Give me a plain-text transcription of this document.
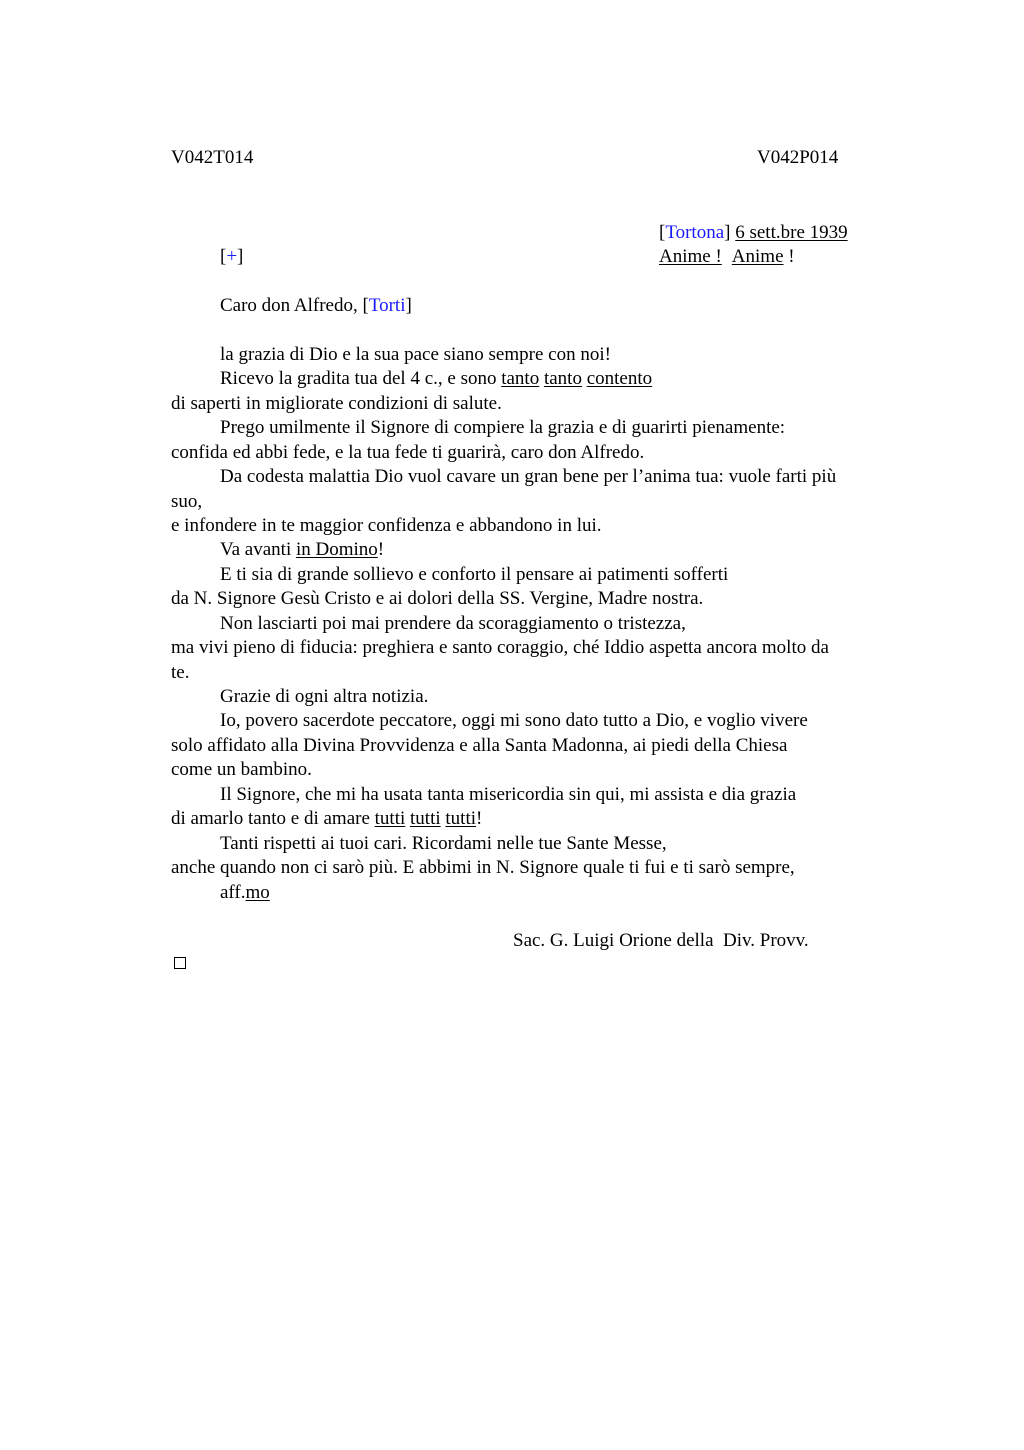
V042T014	V042P014
[Tortona] 6 sett.bre 1939
Anime ! Anime !
[+]
Caro don Alfredo, [Torti]
la grazia di Dio e la sua pace siano sempre con noi!
Ricevo la gradita tua del 4 c., e sono tanto tanto contento
di saperti in migliorate condizioni di salute.
Prego umilmente il Signore di compiere la grazia e di guarirti pienamente:
confida ed abbi fede, e la tua fede ti guarirà, caro don Alfredo.
Da codesta malattia Dio vuol cavare un gran bene per l’anima tua: vuole farti più
suo,
e infondere in te maggior confidenza e abbandono in lui.
Va avanti in Domino!
E ti sia di grande sollievo e conforto il pensare ai patimenti sofferti
da N. Signore Gesù Cristo e ai dolori della SS. Vergine, Madre nostra.
Non lasciarti poi mai prendere da scoraggiamento o tristezza,
ma vivi pieno di fiducia: preghiera e santo coraggio, ché Iddio aspetta ancora molto da
te.
Grazie di ogni altra notizia.
Io, povero sacerdote peccatore, oggi mi sono dato tutto a Dio, e voglio vivere
solo affidato alla Divina Provvidenza e alla Santa Madonna, ai piedi della Chiesa
come un bambino.
Il Signore, che mi ha usata tanta misericordia sin qui, mi assista e dia grazia
di amarlo tanto e di amare tutti tutti tutti!
Tanti rispetti ai tuoi cari. Ricordami nelle tue Sante Messe,
anche quando non ci sarò più. E abbimi in N. Signore quale ti fui e ti sarò sempre,
aff.mo
Sac. G. Luigi Orione della  Div. Provv.
